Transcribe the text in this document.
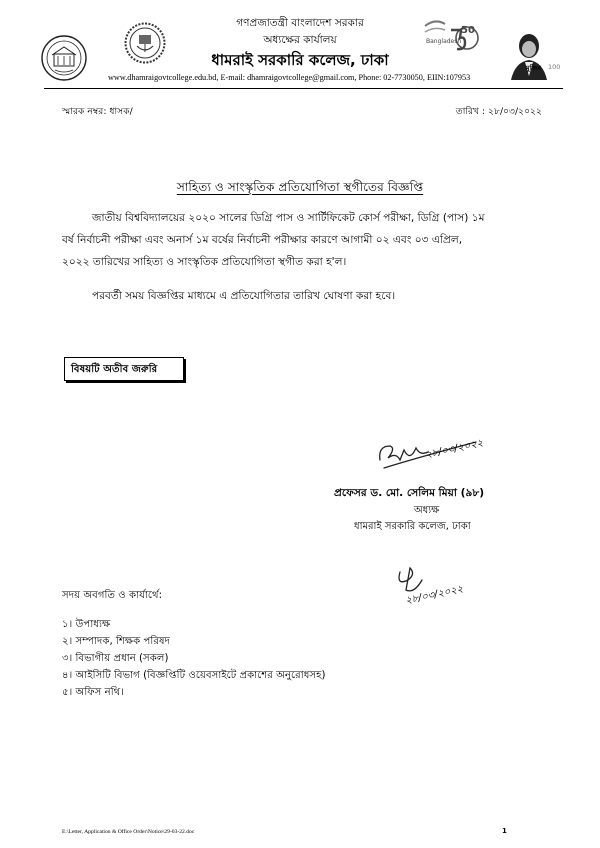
গণপ্রজাতন্ত্রী বাংলাদেশ সরকার
অধ্যক্ষের কার্যালয়
ধামরাই সরকারি কলেজ, ঢাকা
www.dhamraigovtcollege.edu.bd, E-mail: dhamraigovtcollege@gmail.com, Phone: 02-7730050, EIIN:107953
Bangladesh
50
মুজিব 100
স্মারক নম্বর: ধাসক/	তারিখ : ২৮/০৩/২০২২
সাহিত্য ও সাংস্কৃতিক প্রতিযোগিতা স্থগীতের বিজ্ঞপ্তি
জাতীয় বিশ্ববিদ্যালয়ের ২০২০ সালের ডিগ্রি পাস ও সার্টিফিকেট কোর্স পরীক্ষা, ডিগ্রি (পাস) ১ম
বর্ষ নির্বাচনী পরীক্ষা এবং অনার্স ১ম বর্ষের নির্বাচনী পরীক্ষার কারণে আগামী ০২ এবং ০৩ এপ্রিল,
২০২২ তারিখের সাহিত্য ও সাংস্কৃতিক প্রতিযোগিতা স্থগীত করা হ'ল।
পরবর্তী সময় বিজ্ঞপ্তির মাধ্যমে এ প্রতিযোগিতার তারিখ ঘোষণা করা হবে।
বিষয়টি অতীব জরুরি
২৮/০৩/২০২২
প্রফেসর ড. মো. সেলিম মিয়া (৯৮)
অধ্যক্ষ
ধামরাই সরকারি কলেজ, ঢাকা
২৮/০৩/২০২২
সদয় অবগতি ও কার্যার্থে:
১। উপাধ্যক্ষ
২। সম্পাদক, শিক্ষক পরিষদ
৩। বিভাগীয় প্রধান (সকল)
৪। আইসিটি বিভাগ (বিজ্ঞপ্তিটি ওয়েবসাইটে প্রকাশের অনুরোধসহ)
৫। অফিস নথি।
E:\Letter, Application & Office Order\Notice\29-03-22.doc	1
